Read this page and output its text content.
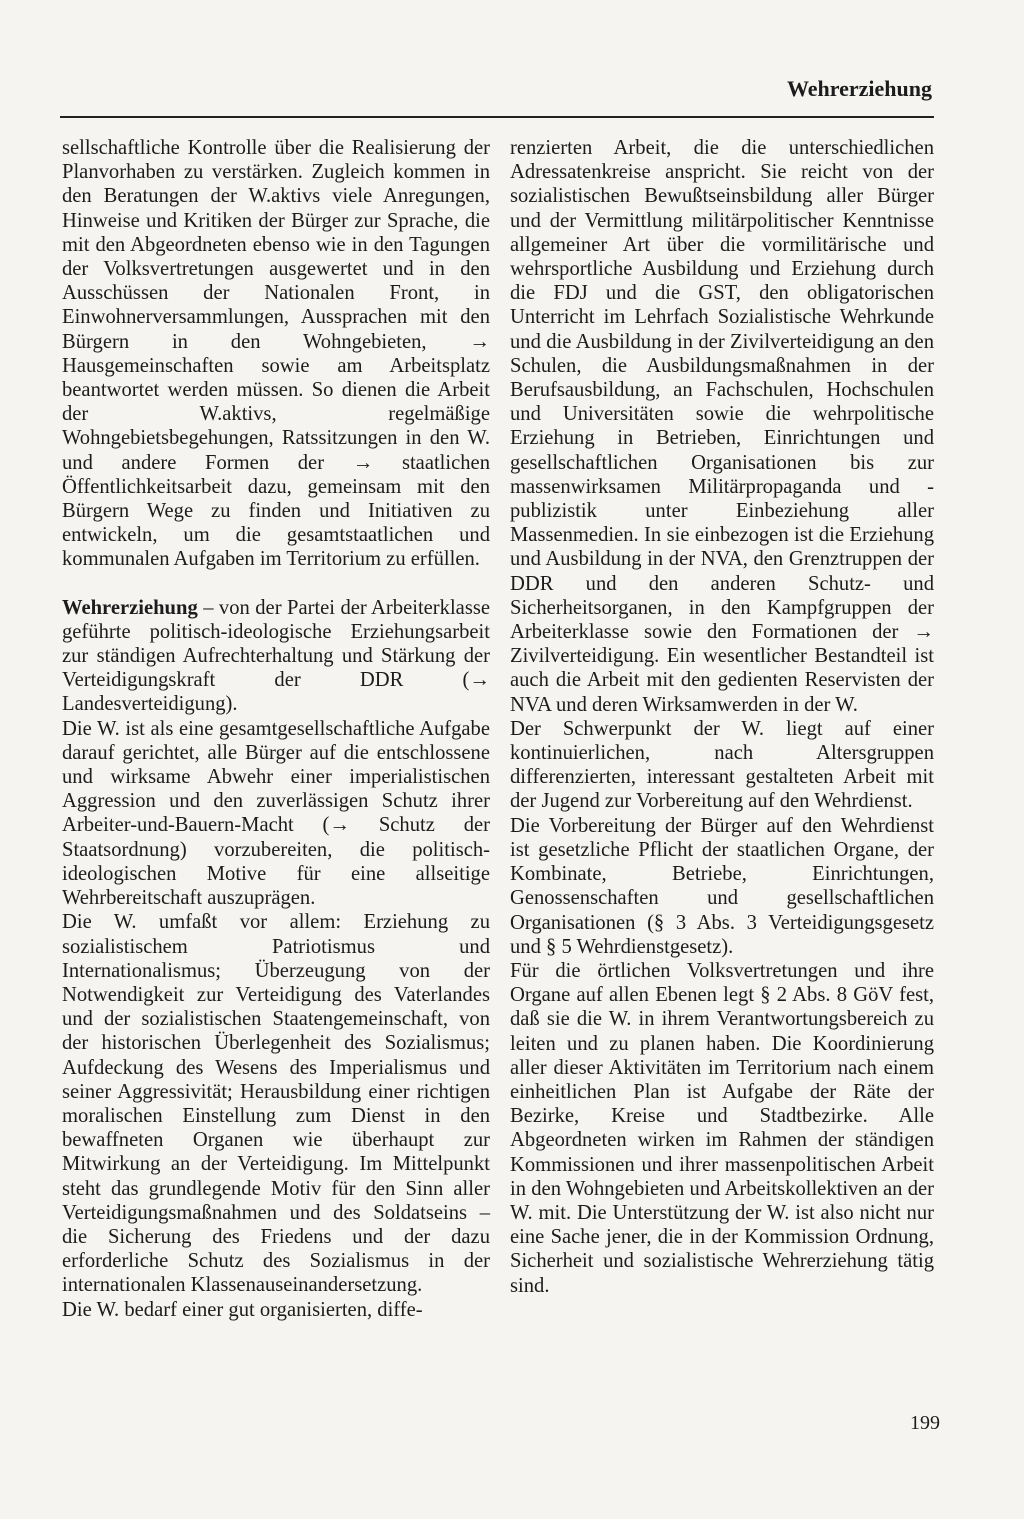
Wehrerziehung

sellschaftliche Kontrolle über die Realisierung der Planvorhaben zu verstärken. Zugleich kommen in den Beratungen der W.aktivs viele Anregungen, Hinweise und Kritiken der Bürger zur Sprache, die mit den Abgeordneten ebenso wie in den Tagungen der Volksvertretungen ausgewertet und in den Ausschüssen der Nationalen Front, in Einwohnerversammlungen, Aussprachen mit den Bürgern in den Wohngebieten, → Hausgemeinschaften sowie am Arbeitsplatz beantwortet werden müssen. So dienen die Arbeit der W.aktivs, regelmäßige Wohngebietsbegehungen, Ratssitzungen in den W. und andere Formen der → staatlichen Öffentlichkeitsarbeit dazu, gemeinsam mit den Bürgern Wege zu finden und Initiativen zu entwickeln, um die gesamtstaatlichen und kommunalen Aufgaben im Territorium zu erfüllen.

Wehrerziehung – von der Partei der Arbeiterklasse geführte politisch-ideologische Erziehungsarbeit zur ständigen Aufrechterhaltung und Stärkung der Verteidigungskraft der DDR (→ Landesverteidigung).

Die W. ist als eine gesamtgesellschaftliche Aufgabe darauf gerichtet, alle Bürger auf die entschlossene und wirksame Abwehr einer imperialistischen Aggression und den zuverlässigen Schutz ihrer Arbeiter-und-Bauern-Macht (→ Schutz der Staatsordnung) vorzubereiten, die politisch-ideologischen Motive für eine allseitige Wehrbereitschaft auszuprägen.

Die W. umfaßt vor allem: Erziehung zu sozialistischem Patriotismus und Internationalismus; Überzeugung von der Notwendigkeit zur Verteidigung des Vaterlandes und der sozialistischen Staatengemeinschaft, von der historischen Überlegenheit des Sozialismus; Aufdeckung des Wesens des Imperialismus und seiner Aggressivität; Herausbildung einer richtigen moralischen Einstellung zum Dienst in den bewaffneten Organen wie überhaupt zur Mitwirkung an der Verteidigung. Im Mittelpunkt steht das grundlegende Motiv für den Sinn aller Verteidigungsmaßnahmen und des Soldatseins – die Sicherung des Friedens und der dazu erforderliche Schutz des Sozialismus in der internationalen Klassenauseinandersetzung.

Die W. bedarf einer gut organisierten, diffe-

renzierten Arbeit, die die unterschiedlichen Adressatenkreise anspricht. Sie reicht von der sozialistischen Bewußtseinsbildung aller Bürger und der Vermittlung militärpolitischer Kenntnisse allgemeiner Art über die vormilitärische und wehrsportliche Ausbildung und Erziehung durch die FDJ und die GST, den obligatorischen Unterricht im Lehrfach Sozialistische Wehrkunde und die Ausbildung in der Zivilverteidigung an den Schulen, die Ausbildungsmaßnahmen in der Berufsausbildung, an Fachschulen, Hochschulen und Universitäten sowie die wehrpolitische Erziehung in Betrieben, Einrichtungen und gesellschaftlichen Organisationen bis zur massenwirksamen Militärpropaganda und -publizistik unter Einbeziehung aller Massenmedien. In sie einbezogen ist die Erziehung und Ausbildung in der NVA, den Grenztruppen der DDR und den anderen Schutz- und Sicherheitsorganen, in den Kampfgruppen der Arbeiterklasse sowie den Formationen der → Zivilverteidigung. Ein wesentlicher Bestandteil ist auch die Arbeit mit den gedienten Reservisten der NVA und deren Wirksamwerden in der W.

Der Schwerpunkt der W. liegt auf einer kontinuierlichen, nach Altersgruppen differenzierten, interessant gestalteten Arbeit mit der Jugend zur Vorbereitung auf den Wehrdienst.

Die Vorbereitung der Bürger auf den Wehrdienst ist gesetzliche Pflicht der staatlichen Organe, der Kombinate, Betriebe, Einrichtungen, Genossenschaften und gesellschaftlichen Organisationen (§ 3 Abs. 3 Verteidigungsgesetz und § 5 Wehrdienstgesetz).

Für die örtlichen Volksvertretungen und ihre Organe auf allen Ebenen legt § 2 Abs. 8 GöV fest, daß sie die W. in ihrem Verantwortungsbereich zu leiten und zu planen haben. Die Koordinierung aller dieser Aktivitäten im Territorium nach einem einheitlichen Plan ist Aufgabe der Räte der Bezirke, Kreise und Stadtbezirke. Alle Abgeordneten wirken im Rahmen der ständigen Kommissionen und ihrer massenpolitischen Arbeit in den Wohngebieten und Arbeitskollektiven an der W. mit. Die Unterstützung der W. ist also nicht nur eine Sache jener, die in der Kommission Ordnung, Sicherheit und sozialistische Wehrerziehung tätig sind.

199
